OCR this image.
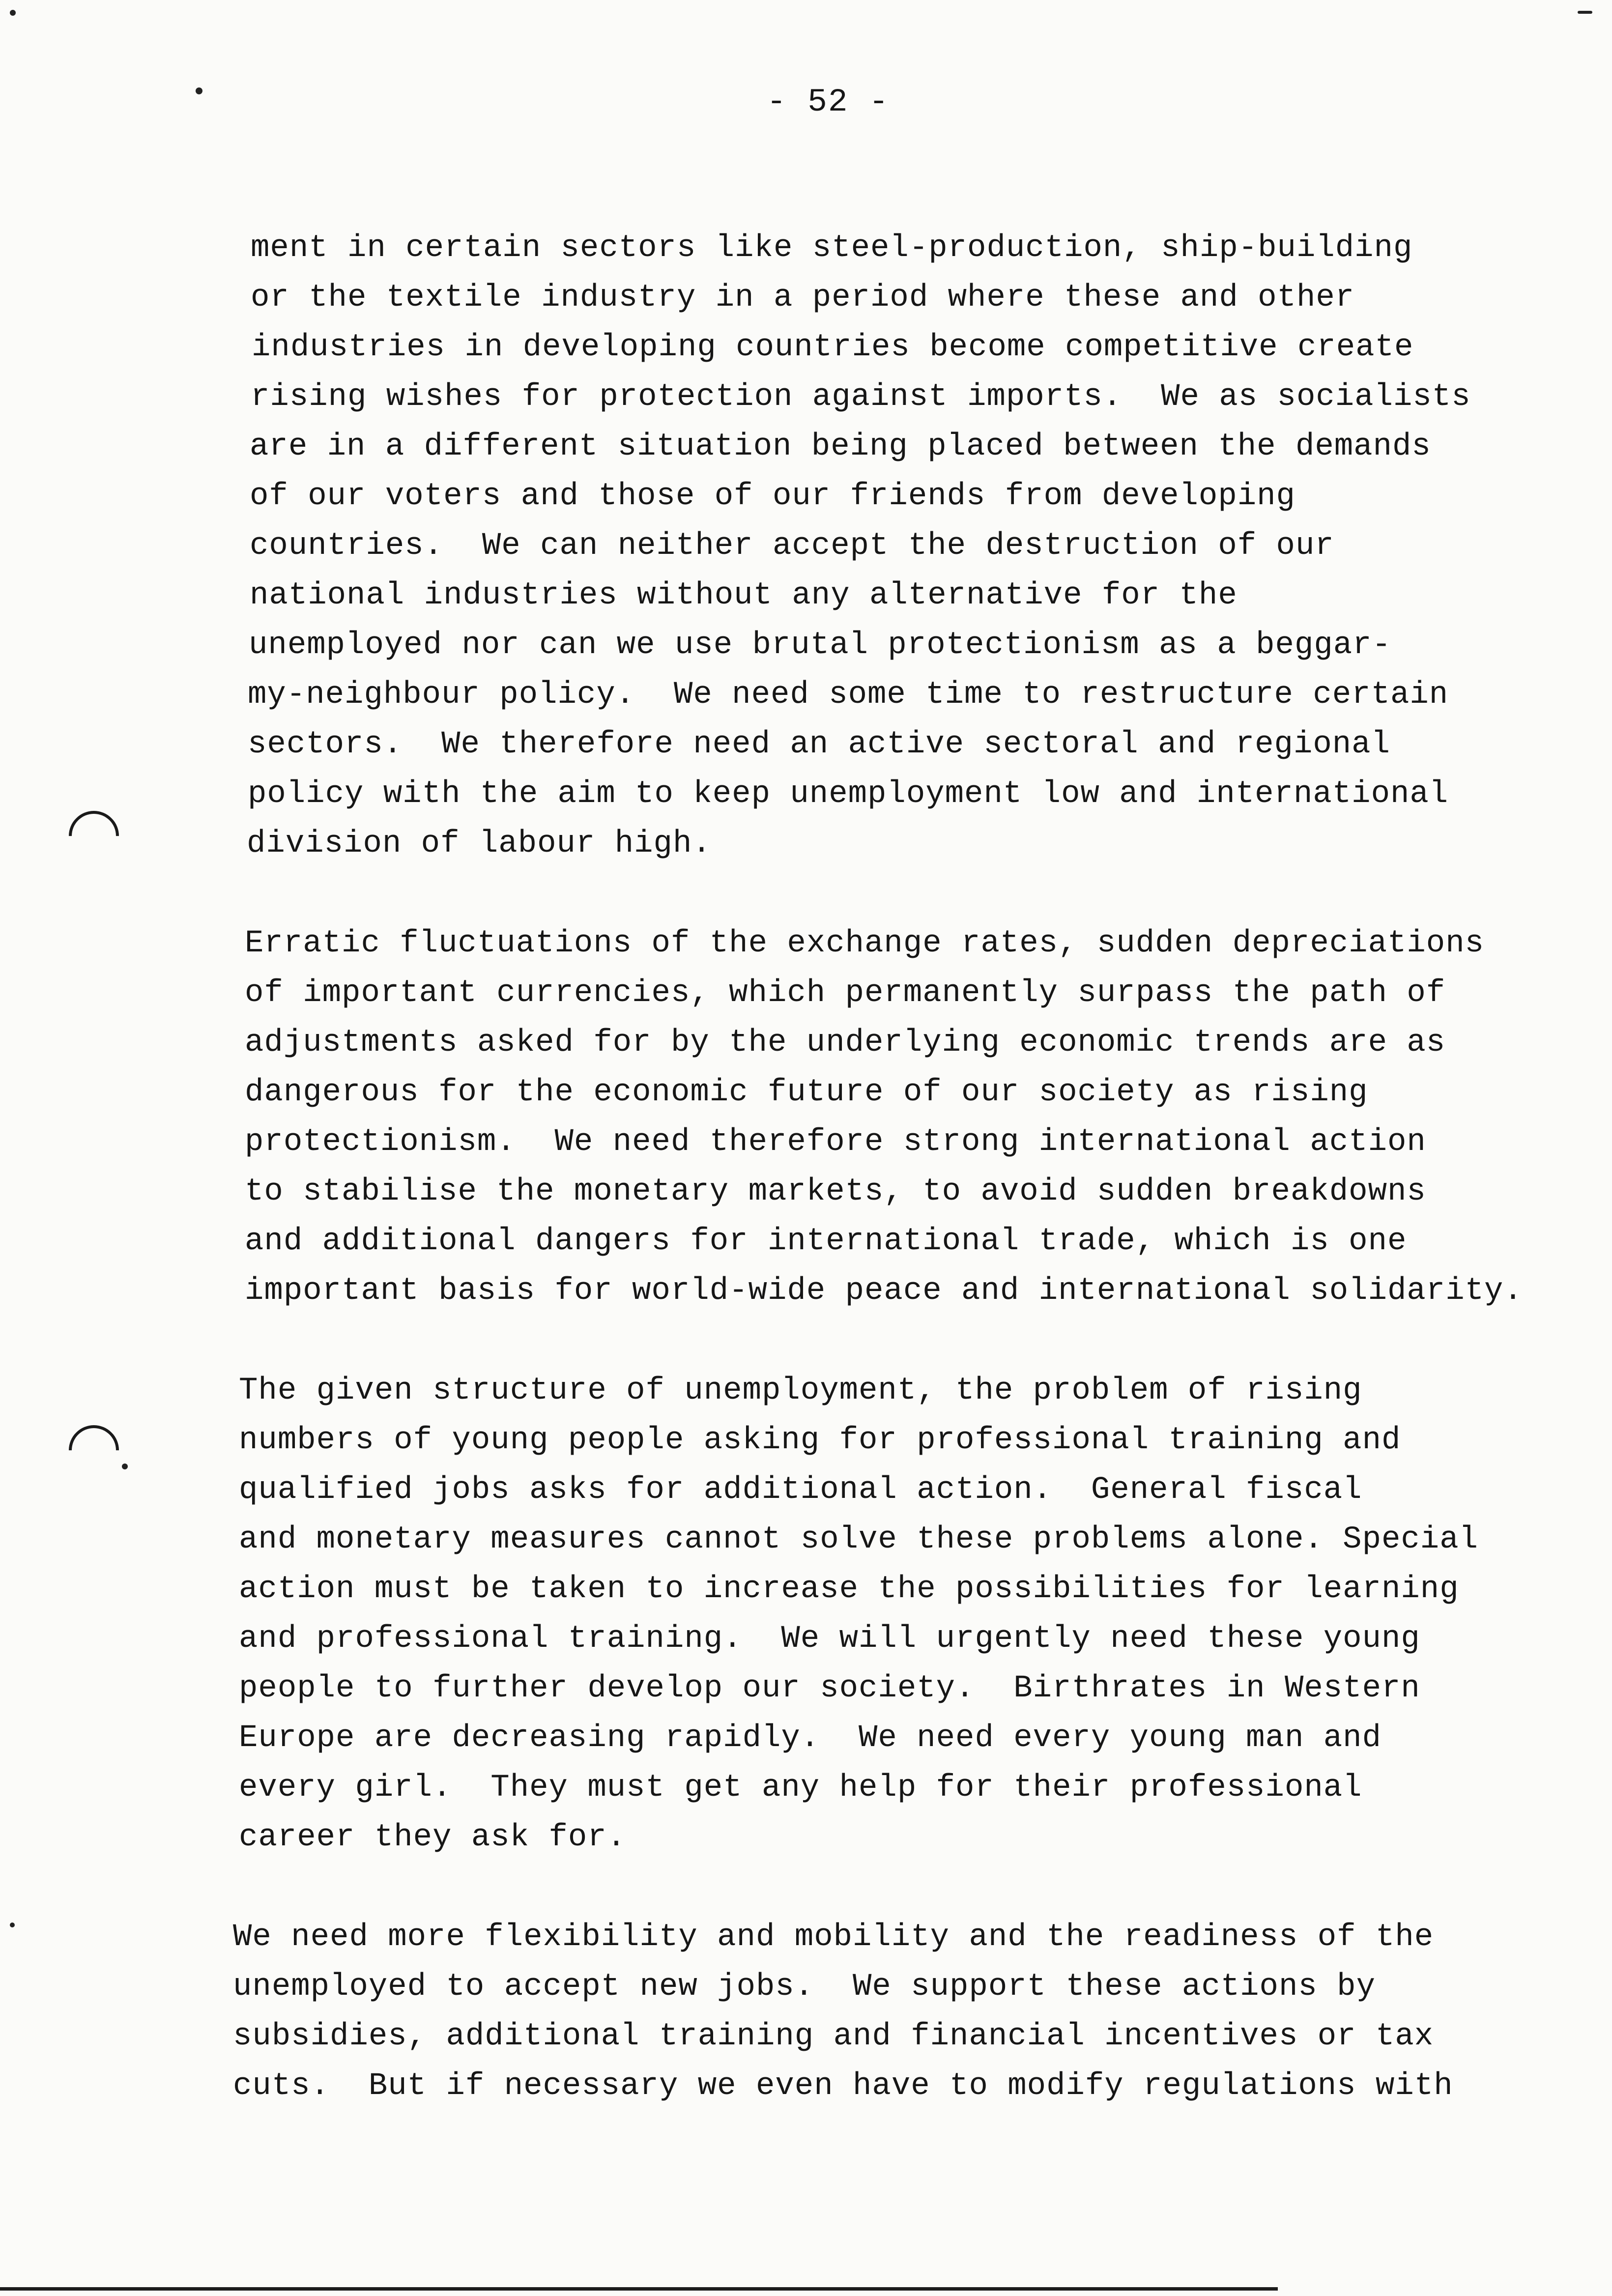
- 52 -
ment in certain sectors like steel-production, ship-building
or the textile industry in a period where these and other
industries in developing countries become competitive create
rising wishes for protection against imports.  We as socialists
are in a different situation being placed between the demands
of our voters and those of our friends from developing
countries.  We can neither accept the destruction of our
national industries without any alternative for the
unemployed nor can we use brutal protectionism as a beggar-
my-neighbour policy.  We need some time to restructure certain
sectors.  We therefore need an active sectoral and regional
policy with the aim to keep unemployment low and international
division of labour high.
Erratic fluctuations of the exchange rates, sudden depreciations
of important currencies, which permanently surpass the path of
adjustments asked for by the underlying economic trends are as
dangerous for the economic future of our society as rising
protectionism.  We need therefore strong international action
to stabilise the monetary markets, to avoid sudden breakdowns
and additional dangers for international trade, which is one
important basis for world-wide peace and international solidarity.
The given structure of unemployment, the problem of rising
numbers of young people asking for professional training and
qualified jobs asks for additional action.  General fiscal
and monetary measures cannot solve these problems alone. Special
action must be taken to increase the possibilities for learning
and professional training.  We will urgently need these young
people to further develop our society.  Birthrates in Western
Europe are decreasing rapidly.  We need every young man and
every girl.  They must get any help for their professional
career they ask for.
We need more flexibility and mobility and the readiness of the
unemployed to accept new jobs.  We support these actions by
subsidies, additional training and financial incentives or tax
cuts.  But if necessary we even have to modify regulations with
